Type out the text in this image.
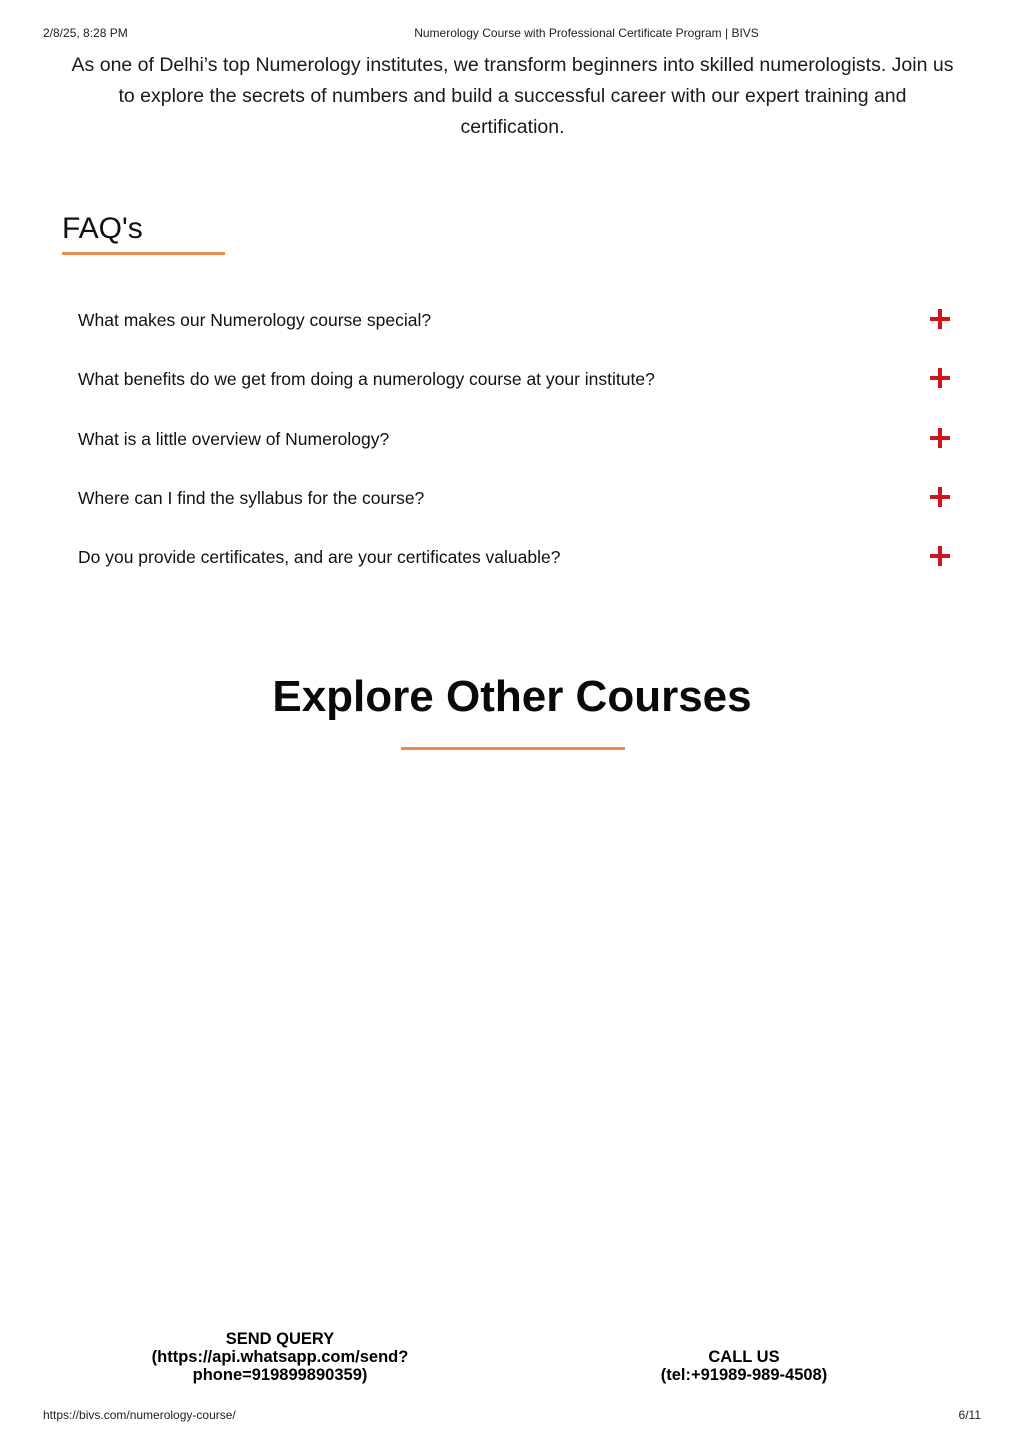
2/8/25, 8:28 PM	Numerology Course with Professional Certificate Program | BIVS

As one of Delhi’s top Numerology institutes, we transform beginners into skilled numerologists. Join us to explore the secrets of numbers and build a successful career with our expert training and certification.

FAQ's
What makes our Numerology course special?
What benefits do we get from doing a numerology course at your institute?
What is a little overview of Numerology?
Where can I find the syllabus for the course?
Do you provide certificates, and are your certificates valuable?
Explore Other Courses
SEND QUERY
(https://api.whatsapp.com/send?
phone=919899890359)
CALL US
(tel:+91989-989-4508)
https://bivs.com/numerology-course/	6/11
